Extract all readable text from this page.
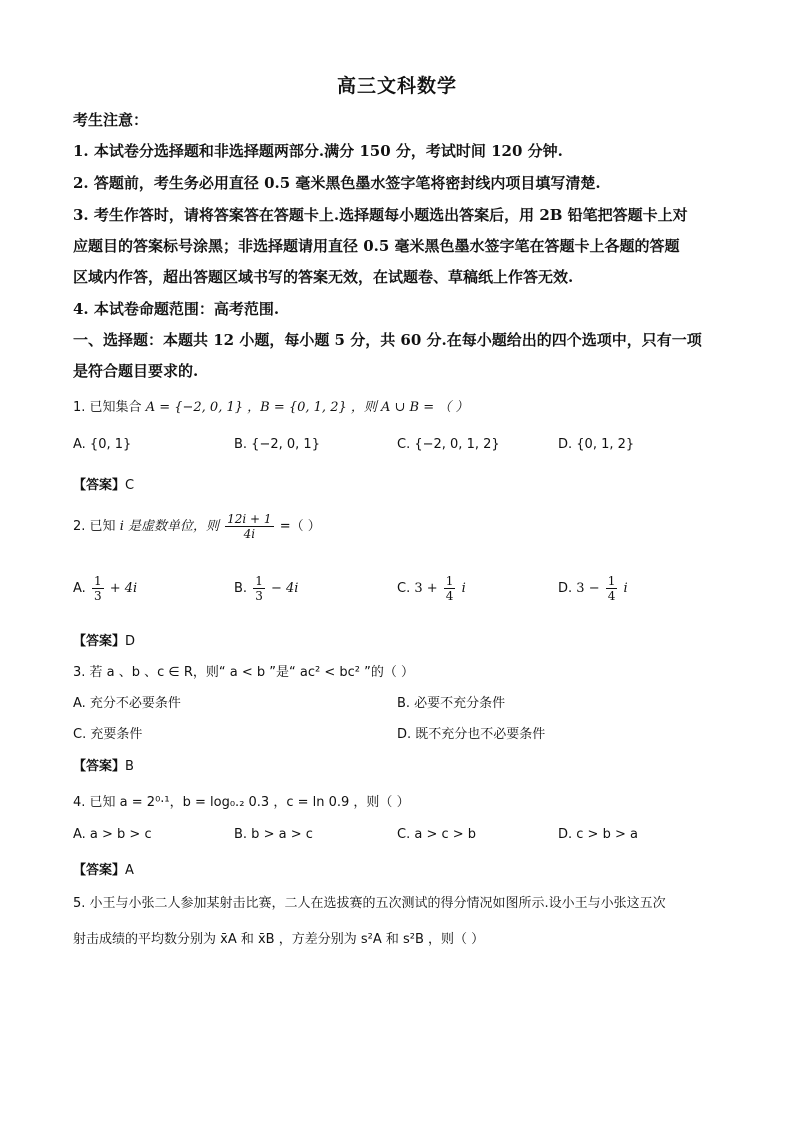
高三文科数学
考生注意：
1. 本试卷分选择题和非选择题两部分.满分 150 分，考试时间 120 分钟.
2. 答题前，考生务必用直径 0.5 毫米黑色墨水签字笔将密封线内项目填写清楚.
3. 考生作答时，请将答案答在答题卡上.选择题每小题选出答案后，用 2B 铅笔把答题卡上对
应题目的答案标号涂黑；非选择题请用直径 0.5 毫米黑色墨水签字笔在答题卡上各题的答题
区域内作答，超出答题区域书写的答案无效，在试题卷、草稿纸上作答无效.
4. 本试卷命题范围：高考范围.
一、选择题：本题共 12 小题，每小题 5 分，共 60 分.在每小题给出的四个选项中，只有一项
是符合题目要求的.
1. 已知集合 A = {−2, 0, 1} ，B = {0, 1, 2} ，则 A ∪ B = （ ）
A. {0, 1}	B. {−2, 0, 1}	C. {−2, 0, 1, 2}	D. {0, 1, 2}
【答案】C
2. 已知 i 是虚数单位，则 $\frac{12i + 1}{4i}$ =（ ）
A. $\frac{1}{3} + 4i$	B. $\frac{1}{3} - 4i$	C. $3 + \frac{1}{4}$ i	D. $3 - \frac{1}{4}$ i
【答案】D
3. 若 a 、b 、c ∈ R，则“ a < b ”是“ ac² < bc² ”的（ ）
A. 充分不必要条件	B. 必要不充分条件
C. 充要条件	D. 既不充分也不必要条件
【答案】B
4. 已知 a = 2⁰·¹，b = log₀.₂ 0.3 ，c = ln 0.9 ，则（ ）
A. a > b > c	B. b > a > c	C. a > c > b	D. c > b > a
【答案】A
5. 小王与小张二人参加某射击比赛，二人在选拔赛的五次测试的得分情况如图所示.设小王与小张这五次
射击成绩的平均数分别为 x̄A 和 x̄B ，方差分别为 s²A 和 s²B ，则（ ）
